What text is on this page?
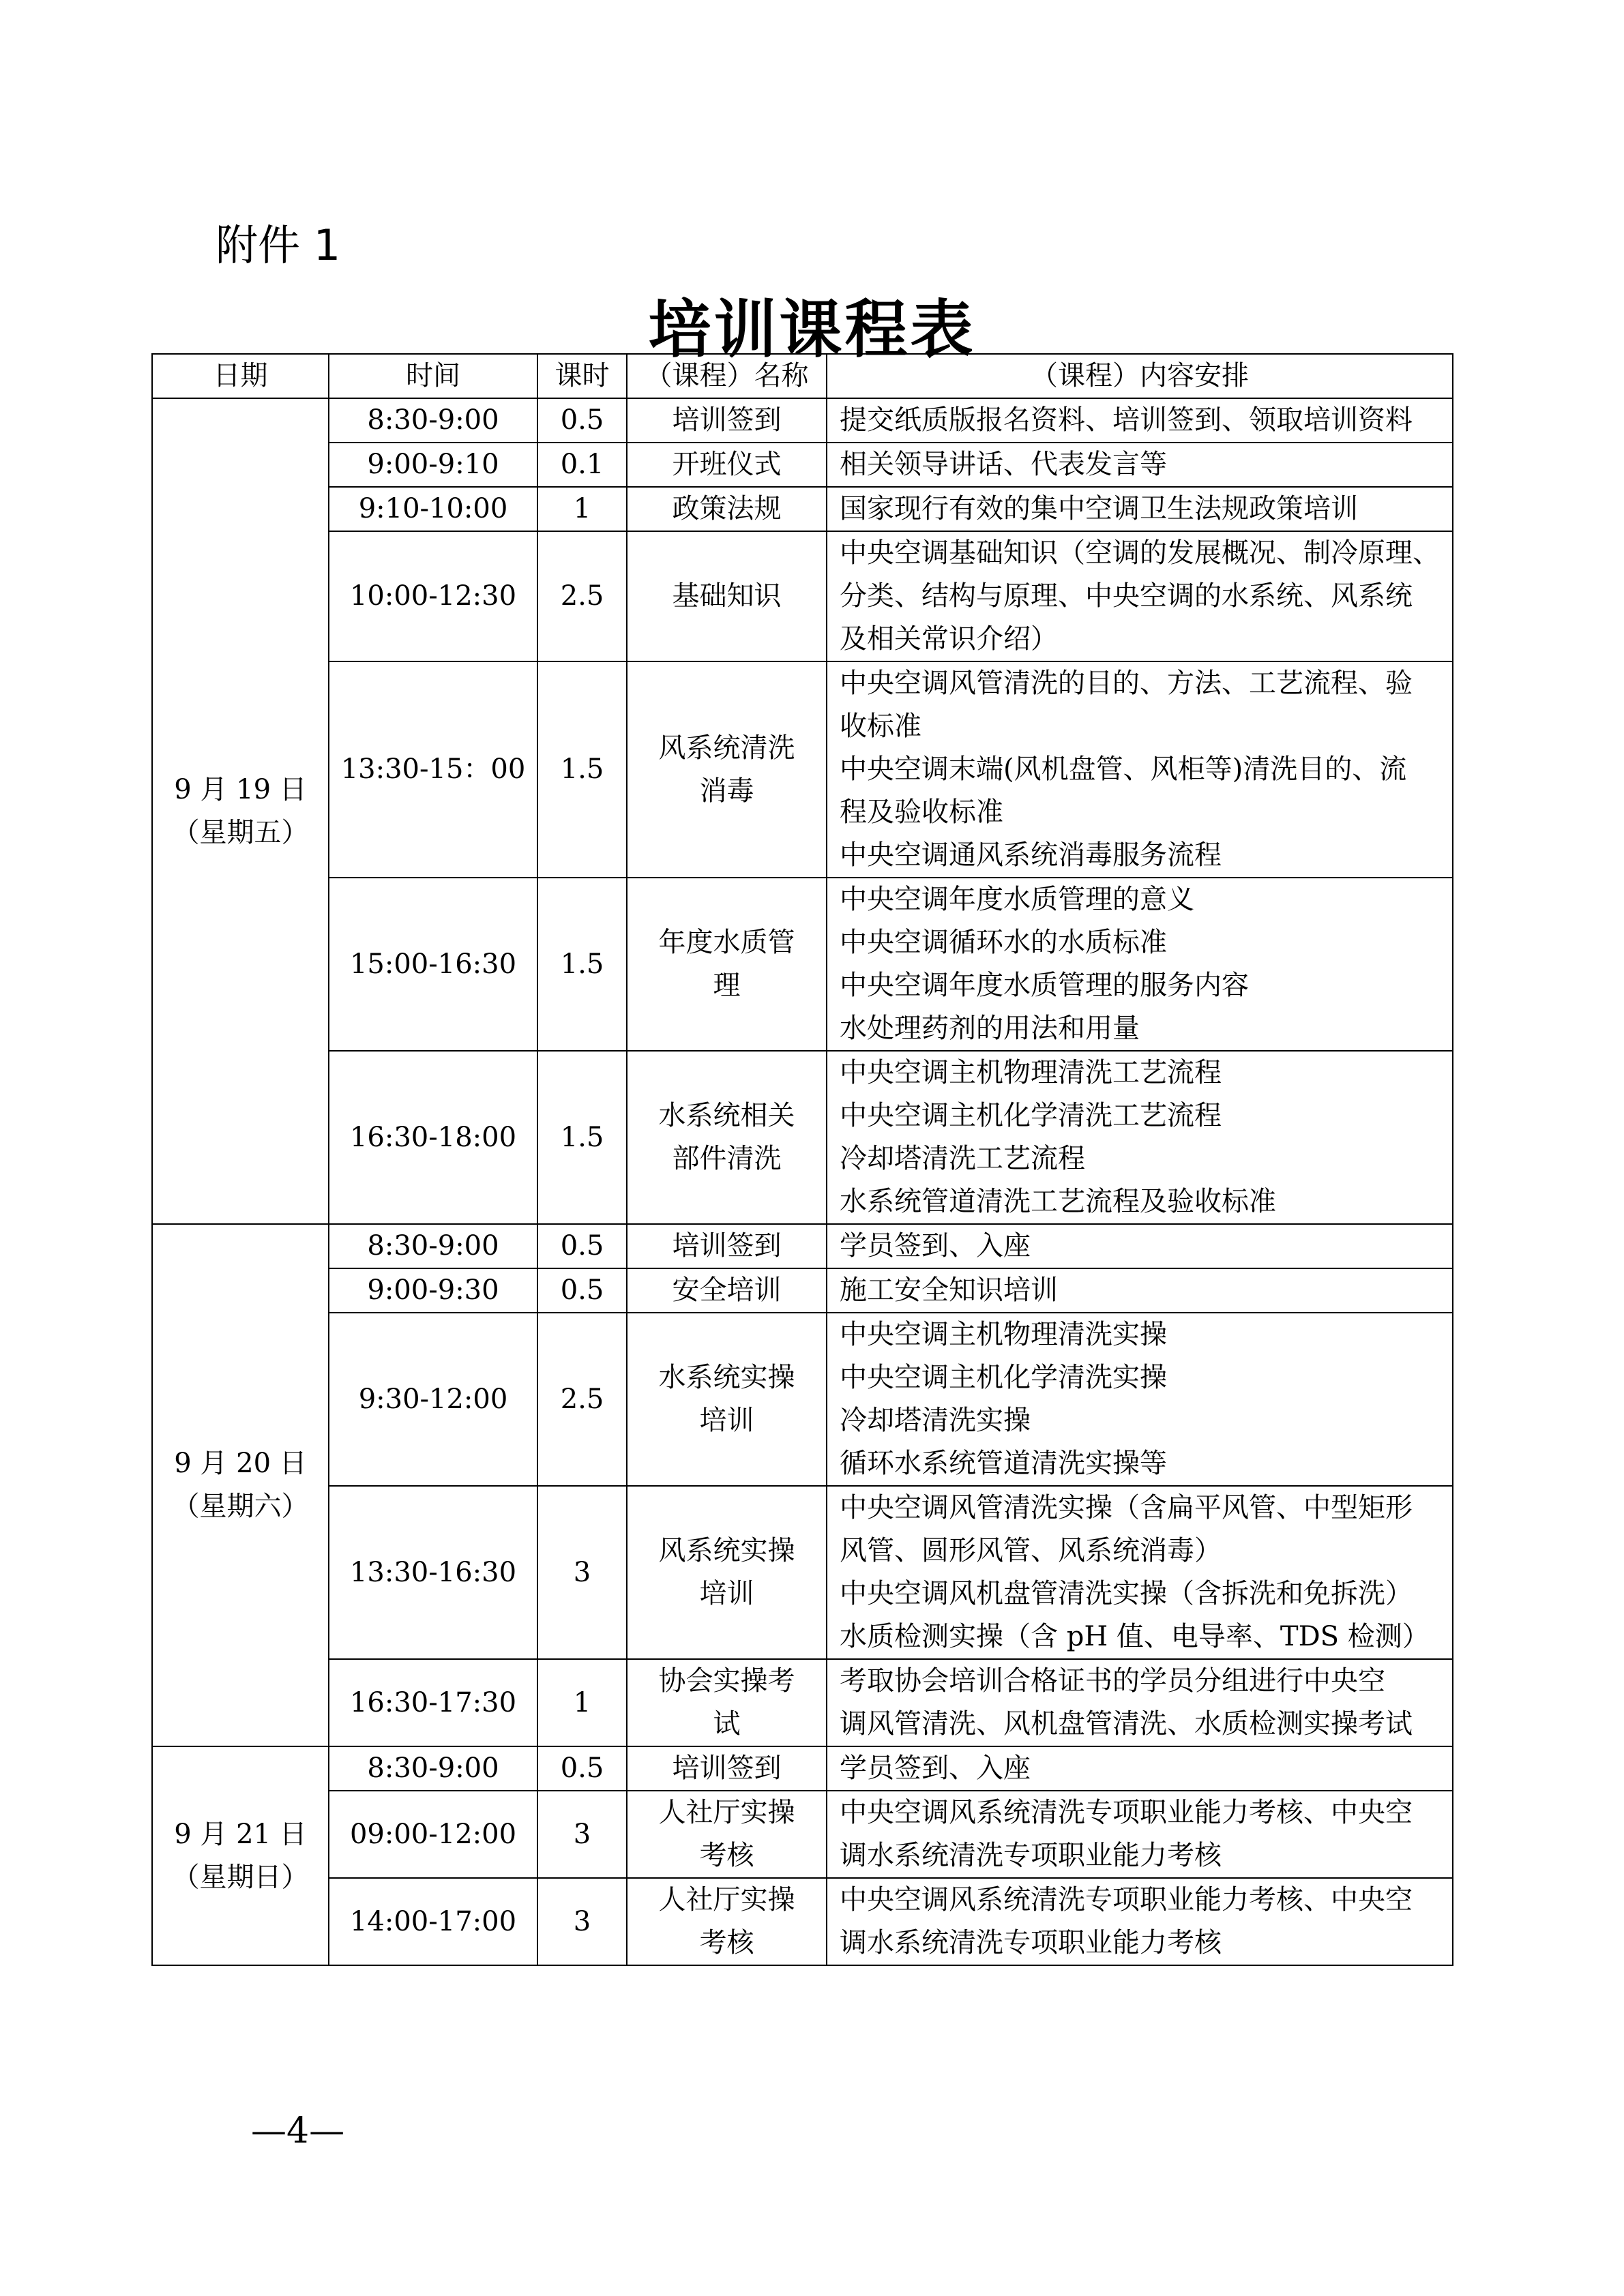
附件 1
培训课程表
日期	时间	课时	（课程）名称	（课程）内容安排

9 月 19 日
（星期五）	8:30-9:00	0.5	培训签到	提交纸质版报名资料、培训签到、领取培训资料

	9:00-9:10	0.1	开班仪式	相关领导讲话、代表发言等

	9:10-10:00	1	政策法规	国家现行有效的集中空调卫生法规政策培训

	10:00-12:30	2.5	基础知识	中央空调基础知识（空调的发展概况、制冷原理、
分类、结构与原理、中央空调的水系统、风系统
及相关常识介绍）

	13:30-15：00	1.5	风系统清洗
消毒	中央空调风管清洗的目的、方法、工艺流程、验
收标准
中央空调末端(风机盘管、风柜等)清洗目的、流
程及验收标准
中央空调通风系统消毒服务流程

	15:00-16:30	1.5	年度水质管
理	中央空调年度水质管理的意义
中央空调循环水的水质标准
中央空调年度水质管理的服务内容
水处理药剂的用法和用量

	16:30-18:00	1.5	水系统相关
部件清洗	中央空调主机物理清洗工艺流程
中央空调主机化学清洗工艺流程
冷却塔清洗工艺流程
水系统管道清洗工艺流程及验收标准

9 月 20 日
（星期六）	8:30-9:00	0.5	培训签到	学员签到、入座

	9:00-9:30	0.5	安全培训	施工安全知识培训

	9:30-12:00	2.5	水系统实操
培训	中央空调主机物理清洗实操
中央空调主机化学清洗实操
冷却塔清洗实操
循环水系统管道清洗实操等

	13:30-16:30	3	风系统实操
培训	中央空调风管清洗实操（含扁平风管、中型矩形
风管、圆形风管、风系统消毒）
中央空调风机盘管清洗实操（含拆洗和免拆洗）
水质检测实操（含 pH 值、电导率、TDS 检测）

	16:30-17:30	1	协会实操考
试	考取协会培训合格证书的学员分组进行中央空
调风管清洗、风机盘管清洗、水质检测实操考试

9 月 21 日
（星期日）	8:30-9:00	0.5	培训签到	学员签到、入座

	09:00-12:00	3	人社厅实操
考核	中央空调风系统清洗专项职业能力考核、中央空
调水系统清洗专项职业能力考核

	14:00-17:00	3	人社厅实操
考核	中央空调风系统清洗专项职业能力考核、中央空
调水系统清洗专项职业能力考核
—4—
